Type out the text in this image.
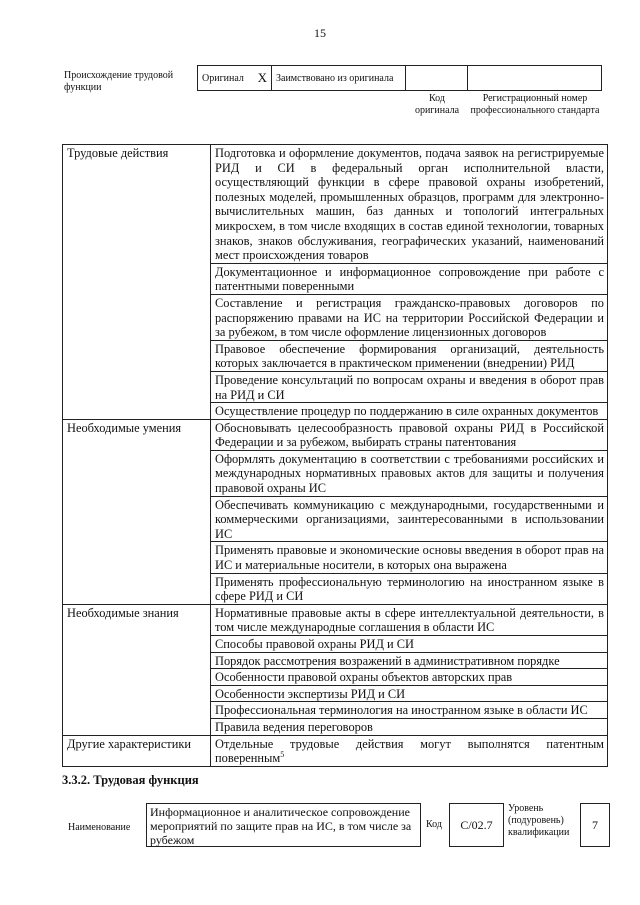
15
Происхождение трудовой функции
Оригинал X Заимствовано из оригинала
Код оригинала
Регистрационный номер профессионального стандарта
Трудовые действия	Подготовка и оформление документов, подача заявок на регистрируемые РИД и СИ в федеральный орган исполнительной власти, осуществляющий функции в сфере правовой охраны изобретений, полезных моделей, промышленных образцов, программ для электронно-вычислительных машин, баз данных и топологий интегральных микросхем, в том числе входящих в состав единой технологии, товарных знаков, знаков обслуживания, географических указаний, наименований мест происхождения товаров
	Документационное и информационное сопровождение при работе с патентными поверенными
	Составление и регистрация гражданско-правовых договоров по распоряжению правами на ИС на территории Российской Федерации и за рубежом, в том числе оформление лицензионных договоров
	Правовое обеспечение формирования организаций, деятельность которых заключается в практическом применении (внедрении) РИД
	Проведение консультаций по вопросам охраны и введения в оборот прав на РИД и СИ
	Осуществление процедур по поддержанию в силе охранных документов
Необходимые умения	Обосновывать целесообразность правовой охраны РИД в Российской Федерации и за рубежом, выбирать страны патентования
	Оформлять документацию в соответствии с требованиями российских и международных нормативных правовых актов для защиты и получения правовой охраны ИС
	Обеспечивать коммуникацию с международными, государственными и коммерческими организациями, заинтересованными в использовании ИС
	Применять правовые и экономические основы введения в оборот прав на ИС и материальные носители, в которых она выражена
	Применять профессиональную терминологию на иностранном языке в сфере РИД и СИ
Необходимые знания	Нормативные правовые акты в сфере интеллектуальной деятельности, в том числе международные соглашения в области ИС
	Способы правовой охраны РИД и СИ
	Порядок рассмотрения возражений в административном порядке
	Особенности правовой охраны объектов авторских прав
	Особенности экспертизы РИД и СИ
	Профессиональная терминология на иностранном языке в области ИС
	Правила ведения переговоров
Другие характеристики	Отдельные трудовые действия могут выполнятся патентным поверенным$^5$
3.3.2. Трудовая функция
Наименование
Информационное и аналитическое сопровождение мероприятий по защите прав на ИС, в том числе за рубежом
Код	C/02.7
Уровень (подуровень) квалификации
7
